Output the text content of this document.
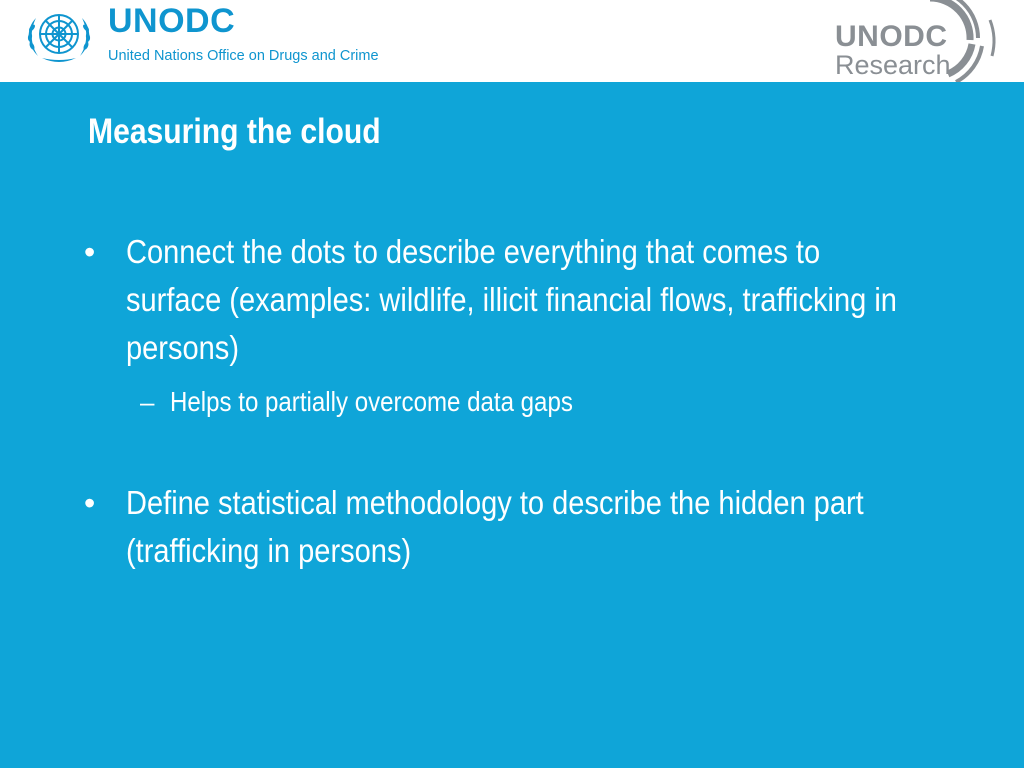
UNODC
United Nations Office on Drugs and Crime
UNODC
Research
Measuring the cloud
• Connect the dots to describe everything that comes to surface (examples: wildlife, illicit financial flows, trafficking in persons)
– Helps to partially overcome data gaps
• Define statistical methodology to describe the hidden part (trafficking in persons)
